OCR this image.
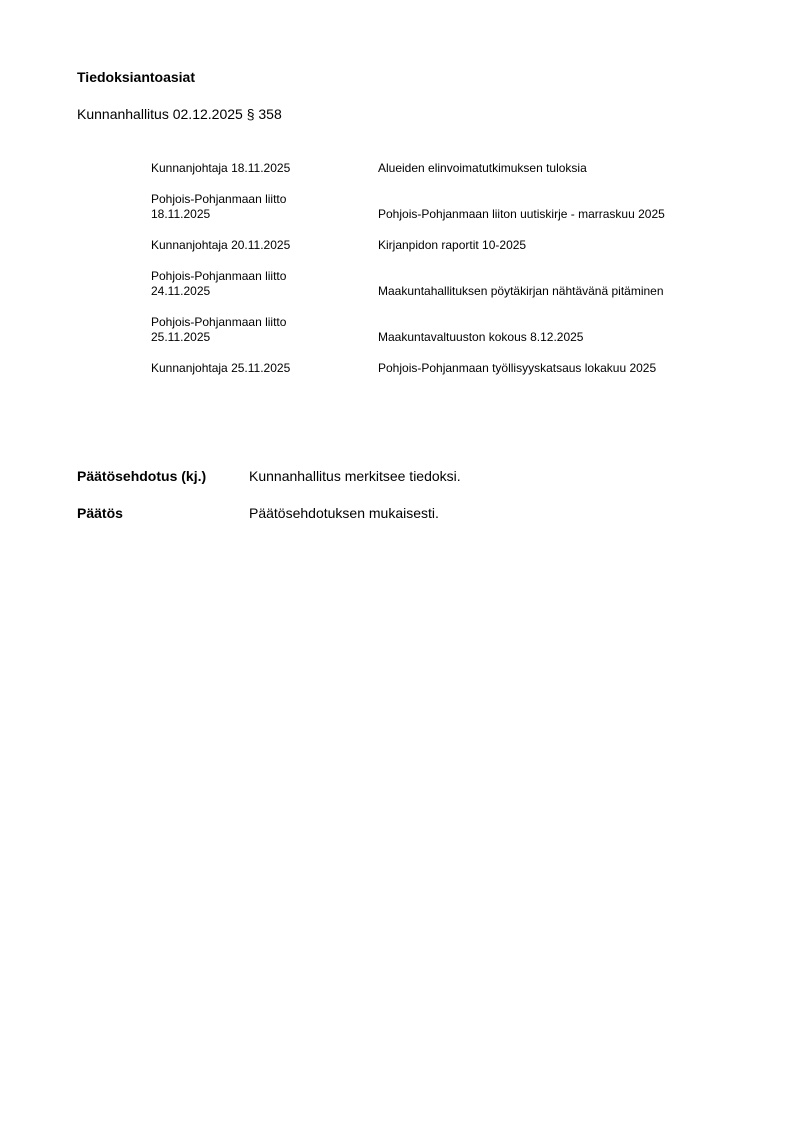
Tiedoksiantoasiat
Kunnanhallitus 02.12.2025 § 358
Kunnanjohtaja 18.11.2025	Alueiden elinvoimatutkimuksen tuloksia
Pohjois-Pohjanmaan liitto
18.11.2025	Pohjois-Pohjanmaan liiton uutiskirje - marraskuu 2025
Kunnanjohtaja 20.11.2025	Kirjanpidon raportit 10-2025
Pohjois-Pohjanmaan liitto
24.11.2025	Maakuntahallituksen pöytäkirjan nähtävänä pitäminen
Pohjois-Pohjanmaan liitto
25.11.2025	Maakuntavaltuuston kokous 8.12.2025
Kunnanjohtaja 25.11.2025	Pohjois-Pohjanmaan työllisyyskatsaus lokakuu 2025
Päätösehdotus (kj.)	Kunnanhallitus merkitsee tiedoksi.
Päätös	Päätösehdotuksen mukaisesti.
